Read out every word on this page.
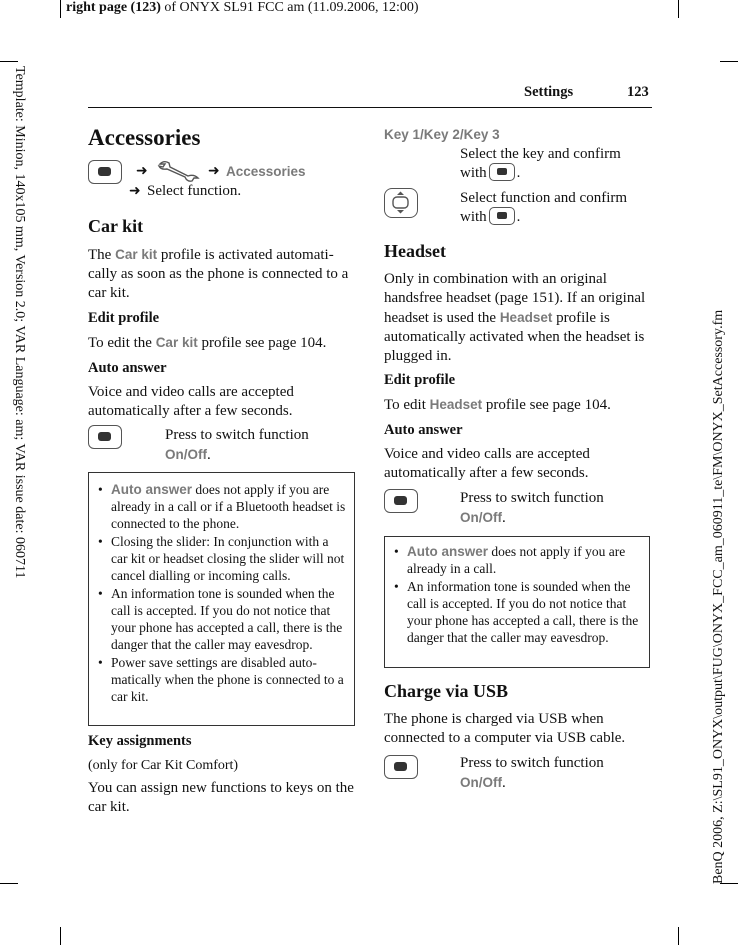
right page (123) of ONYX SL91 FCC am (11.09.2006, 12:00)
Template: Minion, 140x105 mm, Version 2.0; VAR Language: am; VAR issue date: 060711	BenQ 2006, Z:\SL91_ONYX\output\FUG\ONYX_FCC_am_060911_te\FM\ONYX_SetAccessory.fm
Settings	123
Accessories
➜	➜ Accessories
➜ Select function.

Car kit

The Car kit profile is activated automati-cally as soon as the phone is connected to a car kit.

Edit profile

To edit the Car kit profile see page 104.

Auto answer

Voice and video calls are accepted automatically after a few seconds.

Press to switch function
On/Off.

• Auto answer does not apply if you are already in a call or if a Bluetooth headset is connected to the phone.
• Closing the slider: In conjunction with a car kit or headset closing the slider will not cancel dialling or incoming calls.
• An information tone is sounded when the call is accepted. If you do not notice that your phone has accepted a call, there is the danger that the caller may eavesdrop.
• Power save settings are disabled auto-matically when the phone is connected to a car kit.
Key assignments

(only for Car Kit Comfort)

You can assign new functions to keys on the car kit.

Key 1/Key 2/Key 3

Select the key and confirm
with .

Select function and confirm
with .

Headset

Only in combination with an original handsfree headset (page 151). If an original headset is used the Headset profile is automatically activated when the headset is plugged in.

Edit profile

To edit Headset profile see page 104.

Auto answer

Voice and video calls are accepted automatically after a few seconds.

Press to switch function
On/Off.

• Auto answer does not apply if you are already in a call.
• An information tone is sounded when the call is accepted. If you do not notice that your phone has accepted a call, there is the danger that the caller may eavesdrop.
Charge via USB

The phone is charged via USB when connected to a computer via USB cable.

Press to switch function
On/Off.
